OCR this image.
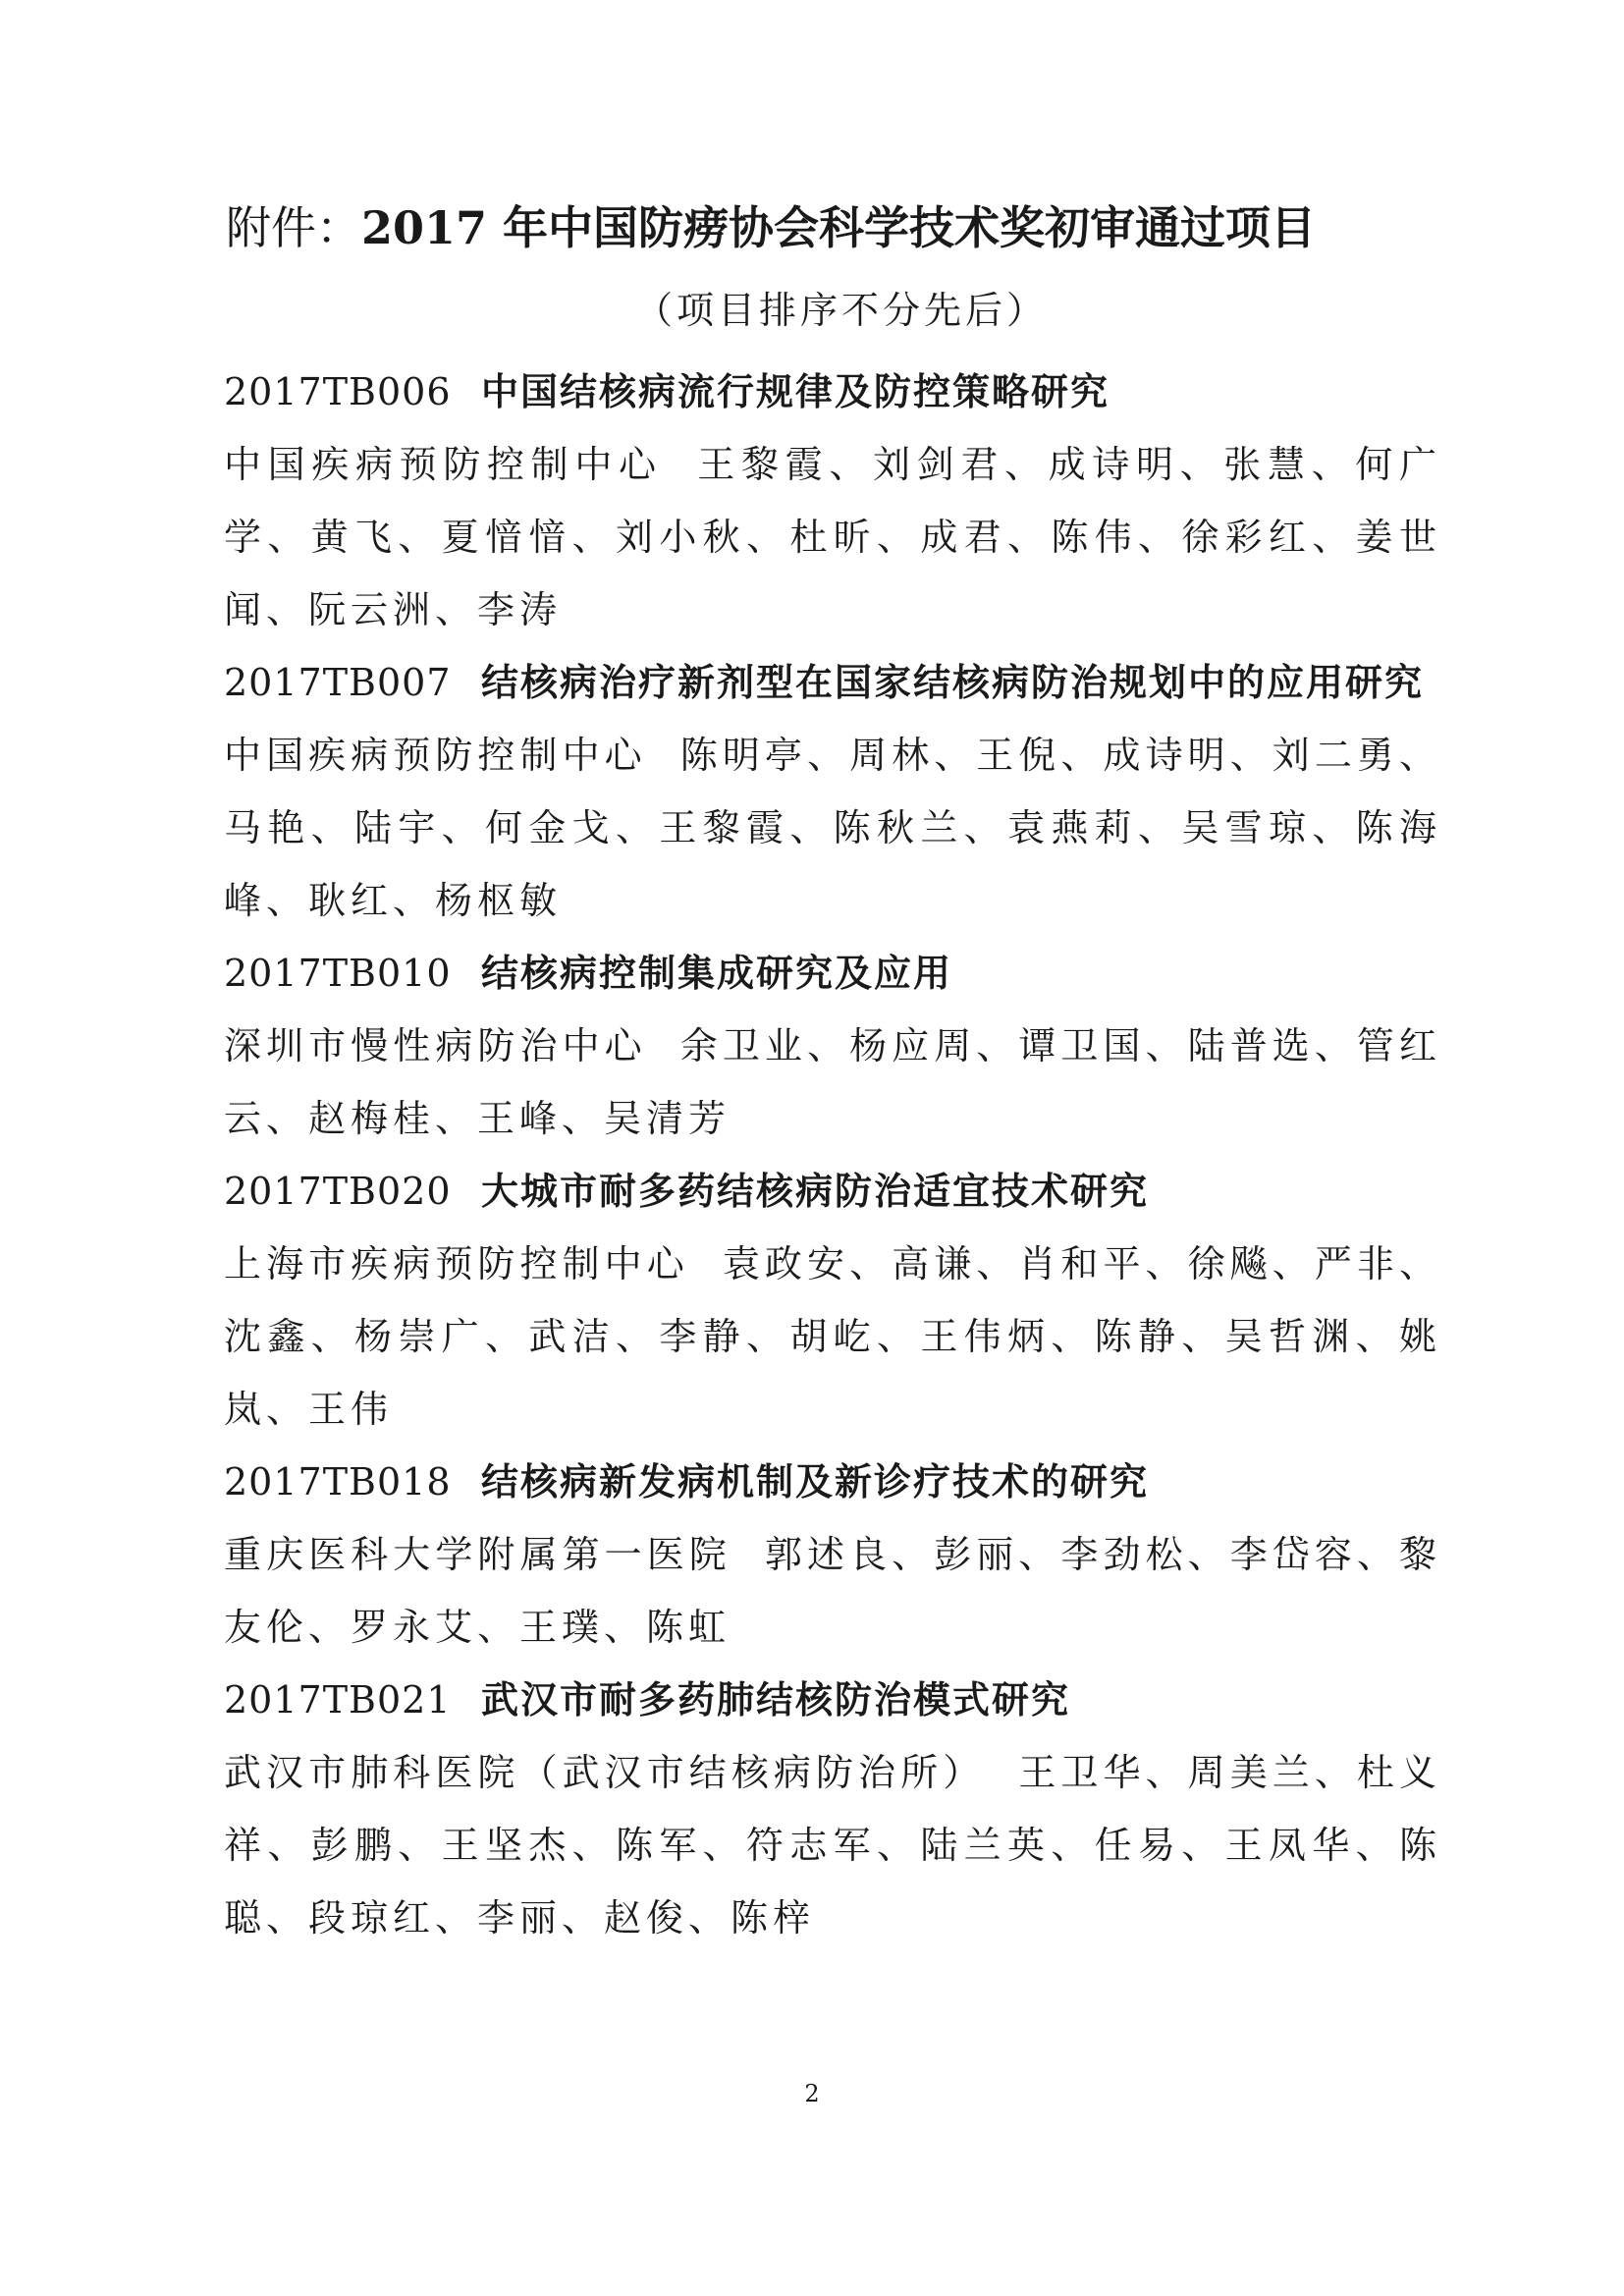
附件：2017 年中国防痨协会科学技术奖初审通过项目
（项目排序不分先后）
2017TB006 中国结核病流行规律及防控策略研究
中国疾病预防控制中心 王黎霞、刘剑君、成诗明、张慧、何广学、黄飞、夏愔愔、刘小秋、杜昕、成君、陈伟、徐彩红、姜世闻、阮云洲、李涛
2017TB007 结核病治疗新剂型在国家结核病防治规划中的应用研究
中国疾病预防控制中心 陈明亭、周林、王倪、成诗明、刘二勇、马艳、陆宇、何金戈、王黎霞、陈秋兰、袁燕莉、吴雪琼、陈海峰、耿红、杨枢敏
2017TB010 结核病控制集成研究及应用
深圳市慢性病防治中心 余卫业、杨应周、谭卫国、陆普选、管红云、赵梅桂、王峰、吴清芳
2017TB020 大城市耐多药结核病防治适宜技术研究
上海市疾病预防控制中心 袁政安、高谦、肖和平、徐飚、严非、沈鑫、杨崇广、武洁、李静、胡屹、王伟炳、陈静、吴哲渊、姚岚、王伟
2017TB018 结核病新发病机制及新诊疗技术的研究
重庆医科大学附属第一医院 郭述良、彭丽、李劲松、李岱容、黎友伦、罗永艾、王璞、陈虹
2017TB021 武汉市耐多药肺结核防治模式研究
武汉市肺科医院（武汉市结核病防治所） 王卫华、周美兰、杜义祥、彭鹏、王坚杰、陈军、符志军、陆兰英、任易、王凤华、陈聪、段琼红、李丽、赵俊、陈梓
2
